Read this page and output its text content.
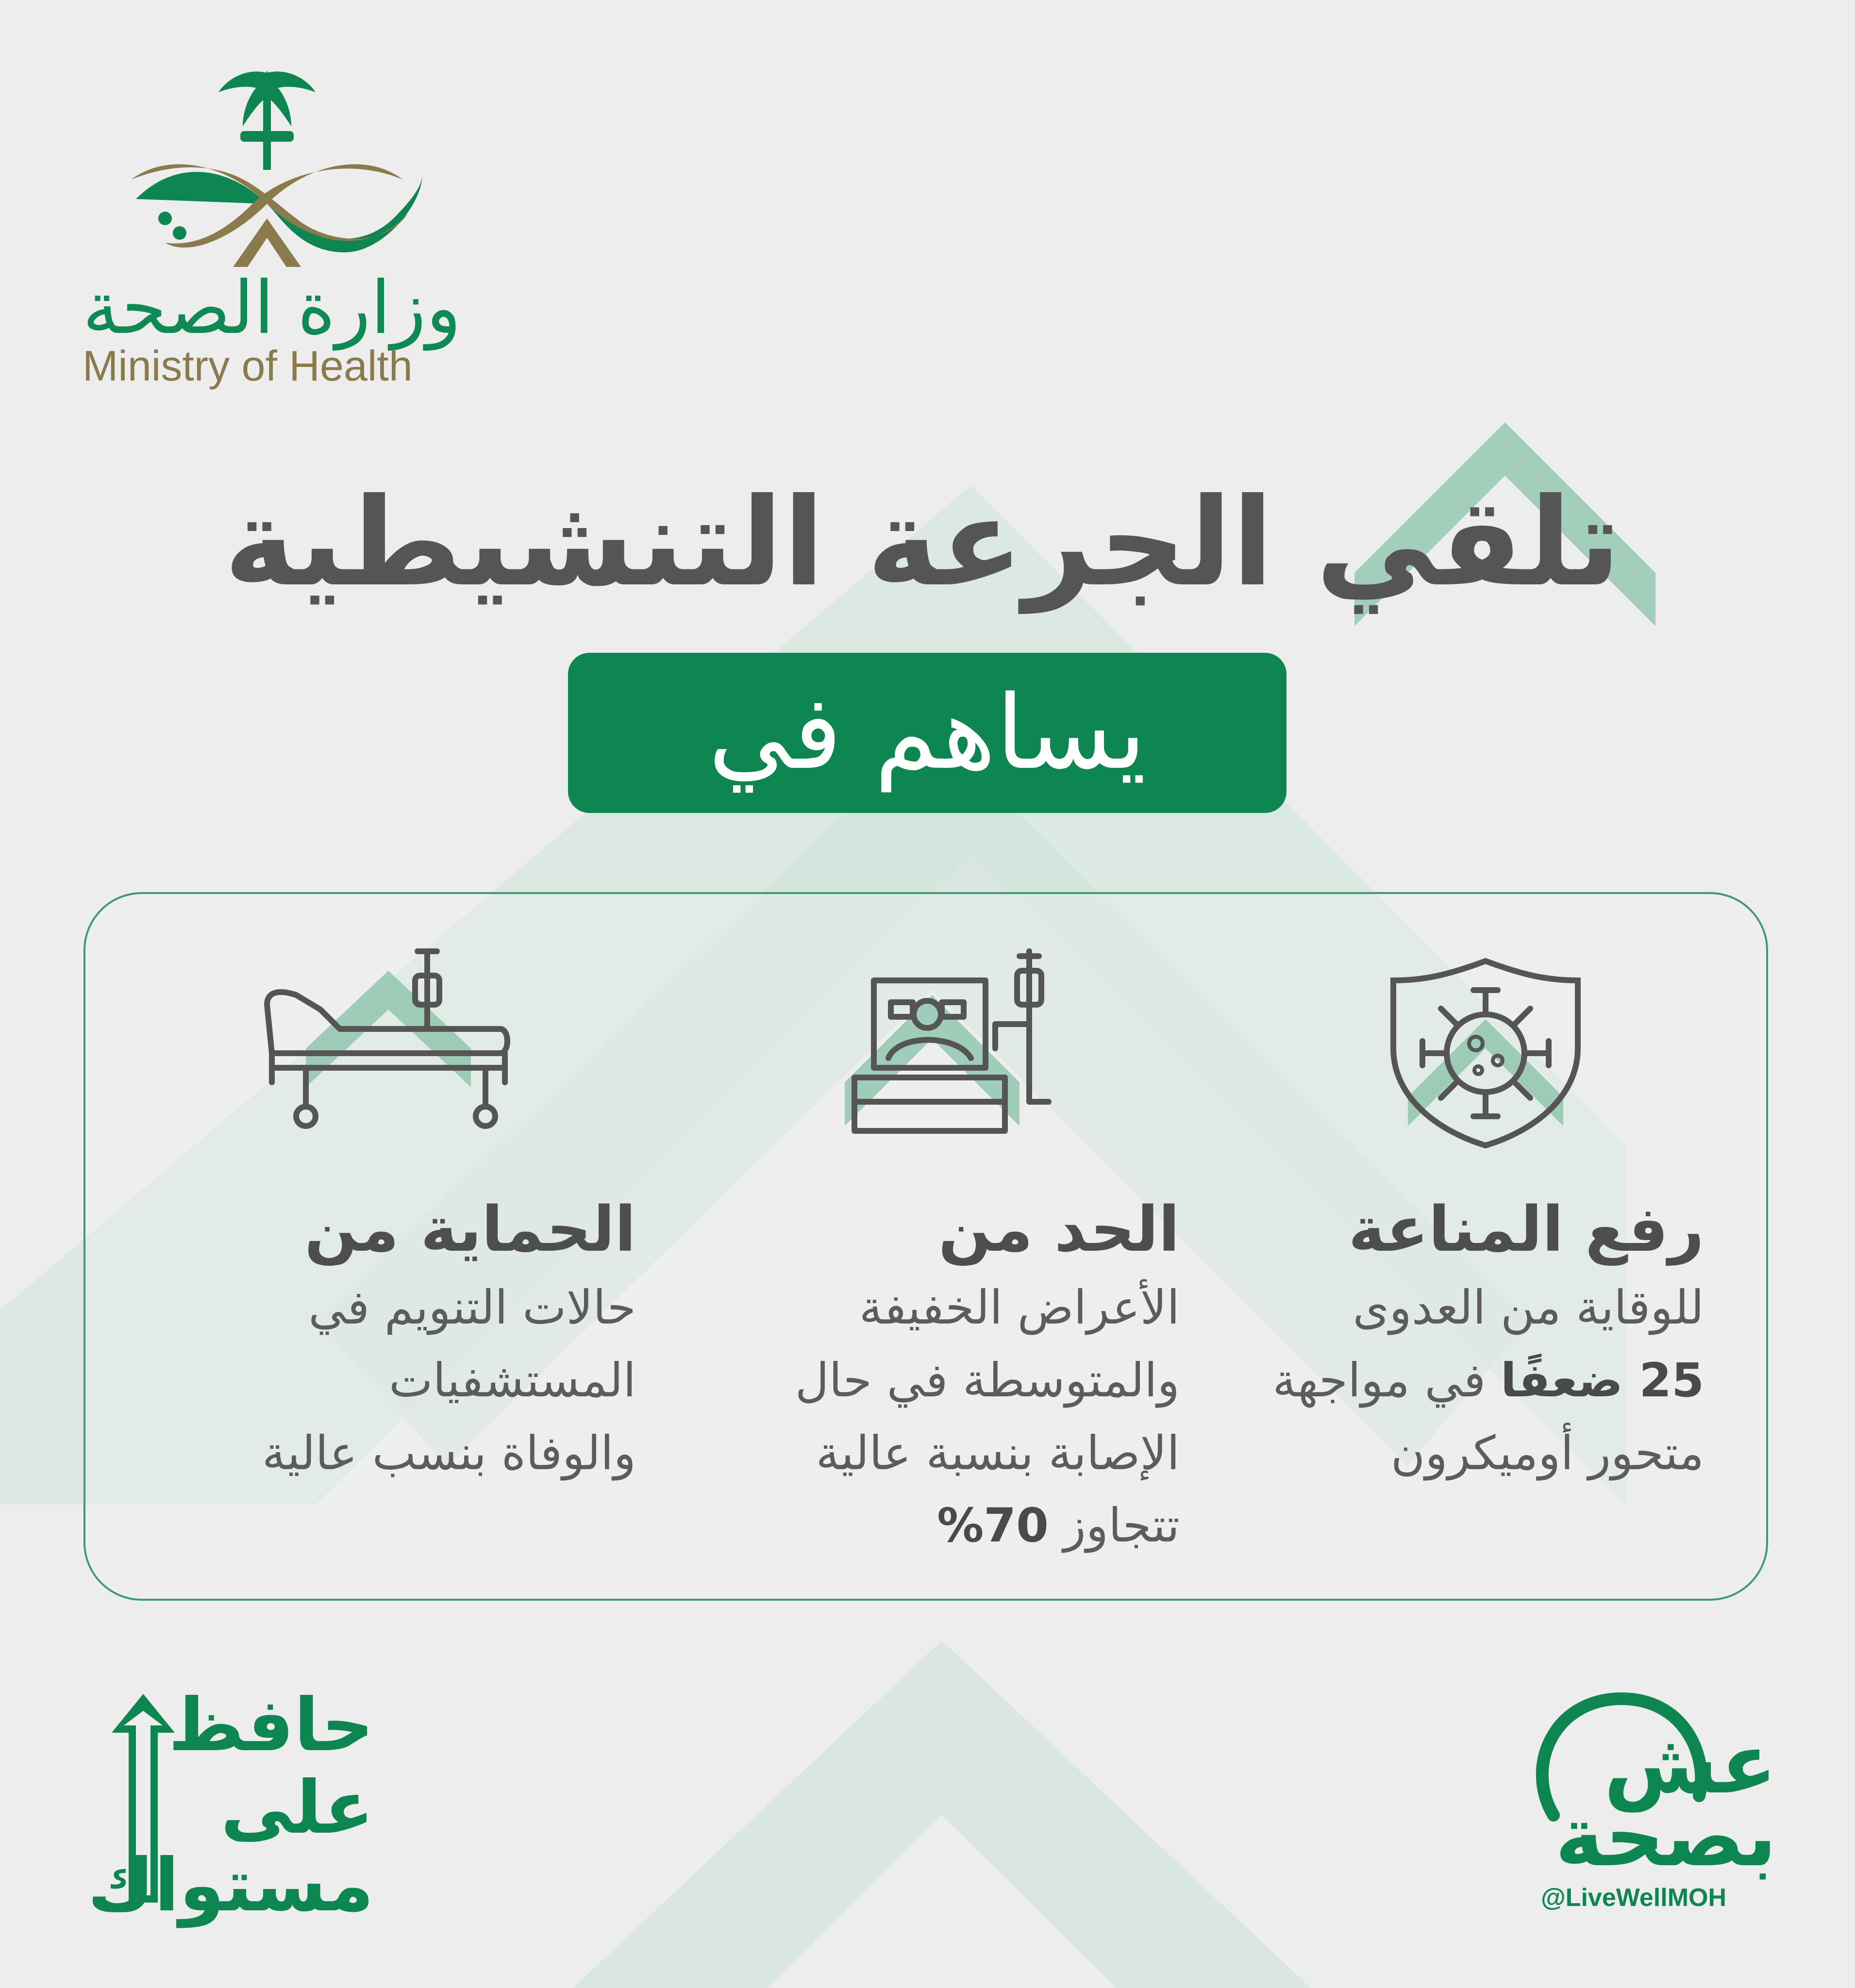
وزارة الصحة
Ministry of Health
تلقي الجرعة التنشيطية
يساهم في
رفع المناعة
للوقاية من العدوى
25 ضعفًا في مواجهة
متحور أوميكرون
الحد من
الأعراض الخفيفة
والمتوسطة في حال
الإصابة بنسبة عالية
تتجاوز 70%
الحماية من
حالات التنويم في
المستشفيات
والوفاة بنسب عالية
حافظ
على
مستواك
عش
بصحة
@LiveWellMOH
